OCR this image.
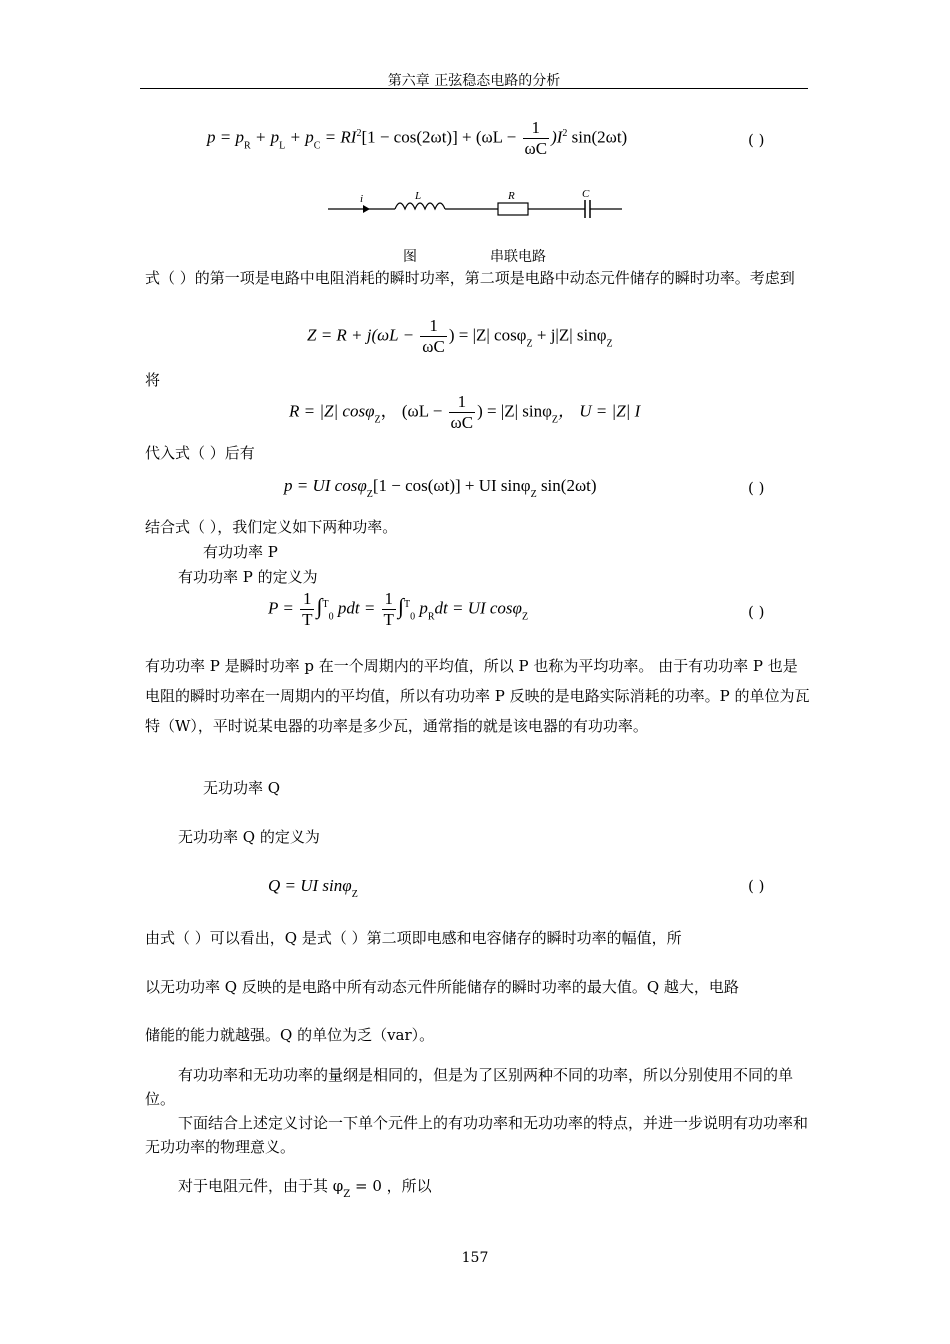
第六章 正弦稳态电路的分析
$p = p_R + p_L + p_C = RI^2[1 - \cos(2\omega t)] + (\omega L - \frac{1}{\omega C} )I^2$ sin(2ωt)	( )
i	L	R	C
图	串联电路
式（ ）的第一项是电路中电阻消耗的瞬时功率，第二项是电路中动态元件储存的瞬时功率。考虑到
$Z = R + j(\omega L - \frac{1}{\omega C}$ ) = |Z| cosφ$_Z$ + j|Z| sinφ$_Z$
将
R = |Z| cosφ$_Z$， ($\omega L - \frac{1}{\omega C}$ ) = |Z| sinφ$_Z$， U = |Z| I
代入式（ ）后有
p = UI cosφ$_Z$[1 − cos(ωt)] + UI sinφ$_Z$ sin(2ωt)	( )
结合式（ ），我们定义如下两种功率。
有功功率 P
有功功率 P 的定义为
$P = \frac{1}{T} \int^T_0$ pdt = $\frac{1}{T} \int^T_0$ $p_Rdt$ = UI cosφ$_Z$	( )
有功功率 P 是瞬时功率 p 在一个周期内的平均值，所以 P 也称为平均功率。 由于有功功率 P 也是电阻的瞬时功率在一周期内的平均值，所以有功功率 P 反映的是电路实际消耗的功率。P 的单位为瓦特（W），平时说某电器的功率是多少瓦，通常指的就是该电器的有功功率。
无功功率 Q
无功功率 Q 的定义为
Q = UI sinφ$_Z$	( )
由式（ ）可以看出，Q 是式（ ）第二项即电感和电容储存的瞬时功率的幅值，所
以无功功率 Q 反映的是电路中所有动态元件所能储存的瞬时功率的最大值。Q 越大，电路
储能的能力就越强。Q 的单位为乏（var）。
有功功率和无功功率的量纲是相同的，但是为了区别两种不同的功率，所以分别使用不同的单位。
下面结合上述定义讨论一下单个元件上的有功功率和无功功率的特点，并进一步说明有功功率和无功功率的物理意义。
对于电阻元件，由于其 $\varphi_Z = 0$ ，所以
157
